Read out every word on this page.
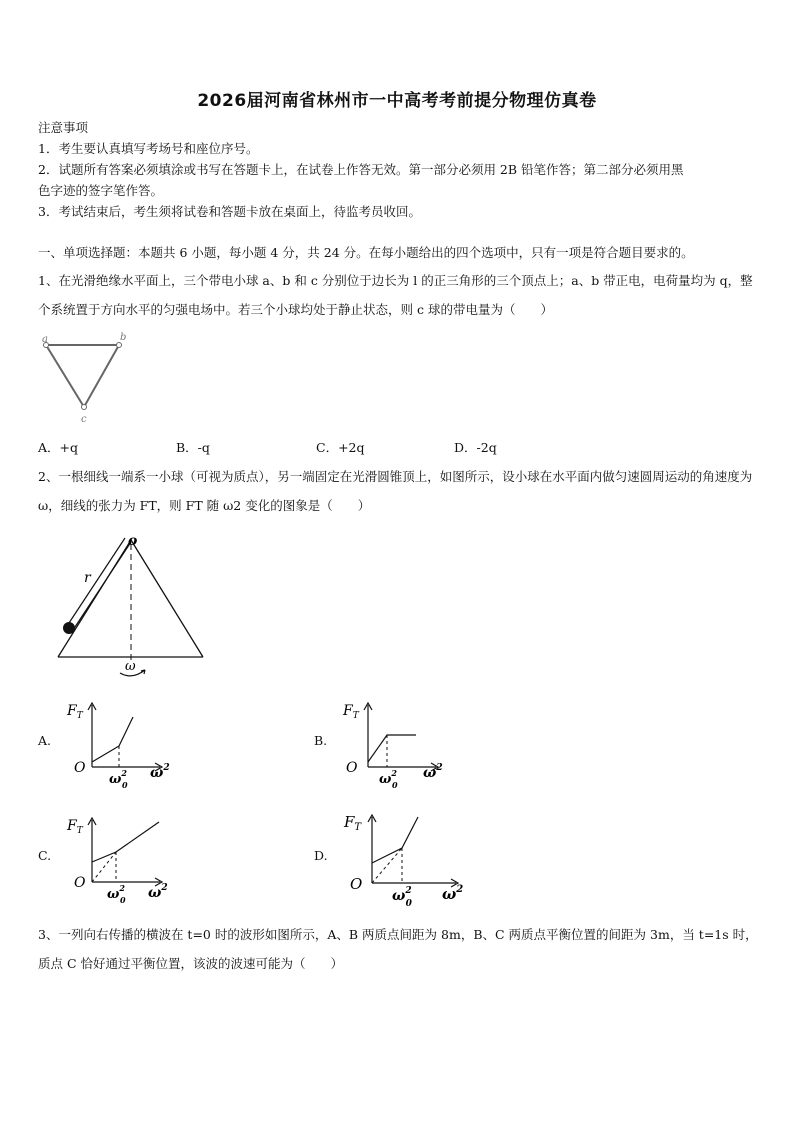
2026届河南省林州市一中高考考前提分物理仿真卷
注意事项
1．考生要认真填写考场号和座位序号。
2．试题所有答案必须填涂或书写在答题卡上，在试卷上作答无效。第一部分必须用 2B 铅笔作答；第二部分必须用黑
色字迹的签字笔作答。
3．考试结束后，考生须将试卷和答题卡放在桌面上，待监考员收回。
一、单项选择题：本题共 6 小题，每小题 4 分，共 24 分。在每小题给出的四个选项中，只有一项是符合题目要求的。
1、在光滑绝缘水平面上，三个带电小球 a、b 和 c 分别位于边长为 l 的正三角形的三个顶点上；a、b 带正电，电荷量均为 q，整个系统置于方向水平的匀强电场中。若三个小球均处于静止状态，则 c 球的带电量为（　　）
a	b
c
A．+q	B．-q	C．+2q	D．-2q
2、一根细线一端系一小球（可视为质点），另一端固定在光滑圆锥顶上，如图所示，设小球在水平面内做匀速圆周运动的角速度为 ω，细线的张力为 FT，则 FT 随 ω2 变化的图象是（　　）
o
r
ω
A.	B.
C.	D.
$F_T$
O
$\omega^2$ 0
$\omega^2$
$F_T$
O
$\omega^2$ 0
$\omega^2$
$F_T$
O
$\omega^2$ 0 $\omega^2$
$F_T$
O
$\omega^2$ 0
$\omega^2$
3、一列向右传播的横波在 t=0 时的波形如图所示，A、B 两质点间距为 8m，B、C 两质点平衡位置的间距为 3m，当 t=1s 时，质点 C 恰好通过平衡位置，该波的波速可能为（　　）
